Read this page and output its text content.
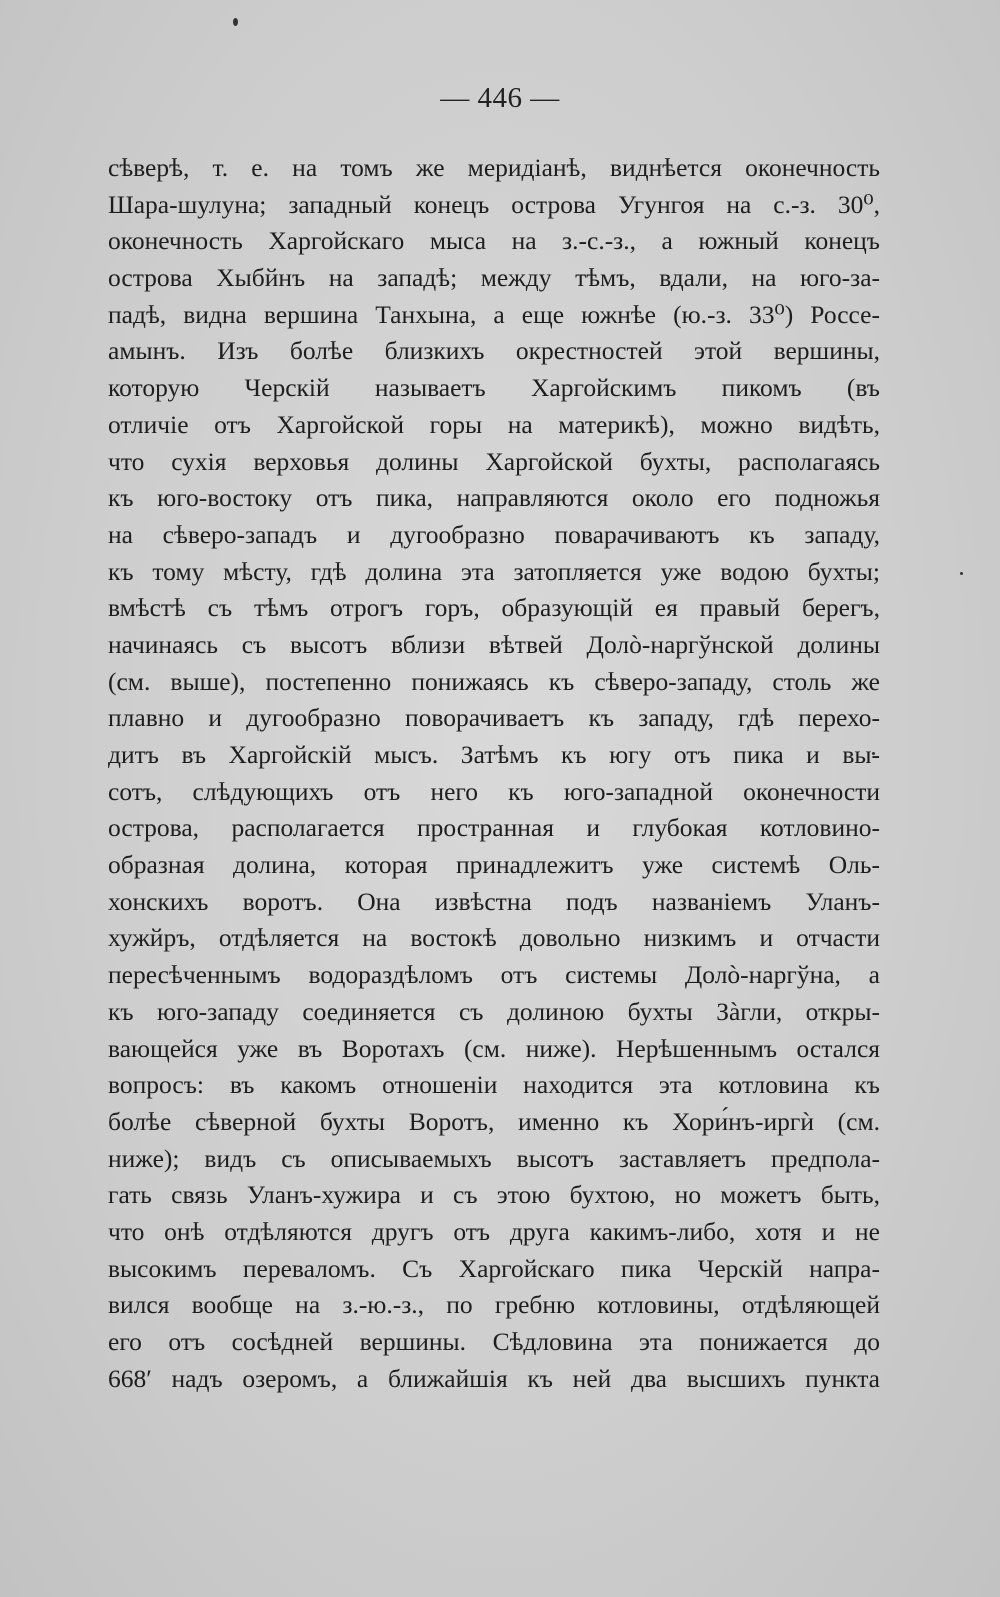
— 446 —
сѣверѣ, т. е. на томъ же меридіанѣ, виднѣется оконечность
Шара-шулуна; западный конецъ острова Угунгоя на с.-з. 30⁰,
оконечность Харгойскаго мыса на з.-с.-з., а южный конецъ
острова Хыбйнъ на западѣ; между тѣмъ, вдали, на юго-за-
падѣ, видна вершина Танхына, а еще южнѣе (ю.-з. 33⁰) Россе-
амынъ. Изъ болѣе близкихъ окрестностей этой вершины,
которую Черскій называетъ Харгойскимъ пикомъ (въ
отличіе отъ Харгойской горы на материкѣ), можно видѣть,
что сухія верховья долины Харгойской бухты, располагаясь
къ юго-востоку отъ пика, направляются около его подножья
на сѣверо-западъ и дугообразно поварачиваютъ къ западу,
къ тому мѣсту, гдѣ долина эта затопляется уже водою бухты;
вмѣстѣ съ тѣмъ отрогъ горъ, образующій ея правый берегъ,
начинаясь съ высотъ вблизи вѣтвей Долò-наргўнской долины
(см. выше), постепенно понижаясь къ сѣверо-западу, столь же
плавно и дугообразно поворачиваетъ къ западу, гдѣ перехо-
дитъ въ Харгойскій мысъ. Затѣмъ къ югу отъ пика и вы-
сотъ, слѣдующихъ отъ него къ юго-западной оконечности
острова, располагается пространная и глубокая котловино-
образная долина, которая принадлежитъ уже системѣ Оль-
хонскихъ воротъ. Она извѣстна подъ названіемъ Уланъ-
хужйръ, отдѣляется на востокѣ довольно низкимъ и отчасти
пересѣченнымъ водораздѣломъ отъ системы Долò-наргўна, а
къ юго-западу соединяется съ долиною бухты Зàгли, откры-
вающейся уже въ Воротахъ (см. ниже). Нерѣшеннымъ остался
вопросъ: въ какомъ отношеніи находится эта котловина къ
болѣе сѣверной бухты Воротъ, именно къ Хори́нъ-иргѝ (см.
ниже); видъ съ описываемыхъ высотъ заставляетъ предпола-
гать связь Уланъ-хужира и съ этою бухтою, но можетъ быть,
что онѣ отдѣляются другъ отъ друга какимъ-либо, хотя и не
высокимъ переваломъ. Съ Харгойскаго пика Черскій напра-
вился вообще на з.-ю.-з., по гребню котловины, отдѣляющей
его отъ сосѣдней вершины. Сѣдловина эта понижается до
668′ надъ озеромъ, а ближайшія къ ней два высшихъ пункта
